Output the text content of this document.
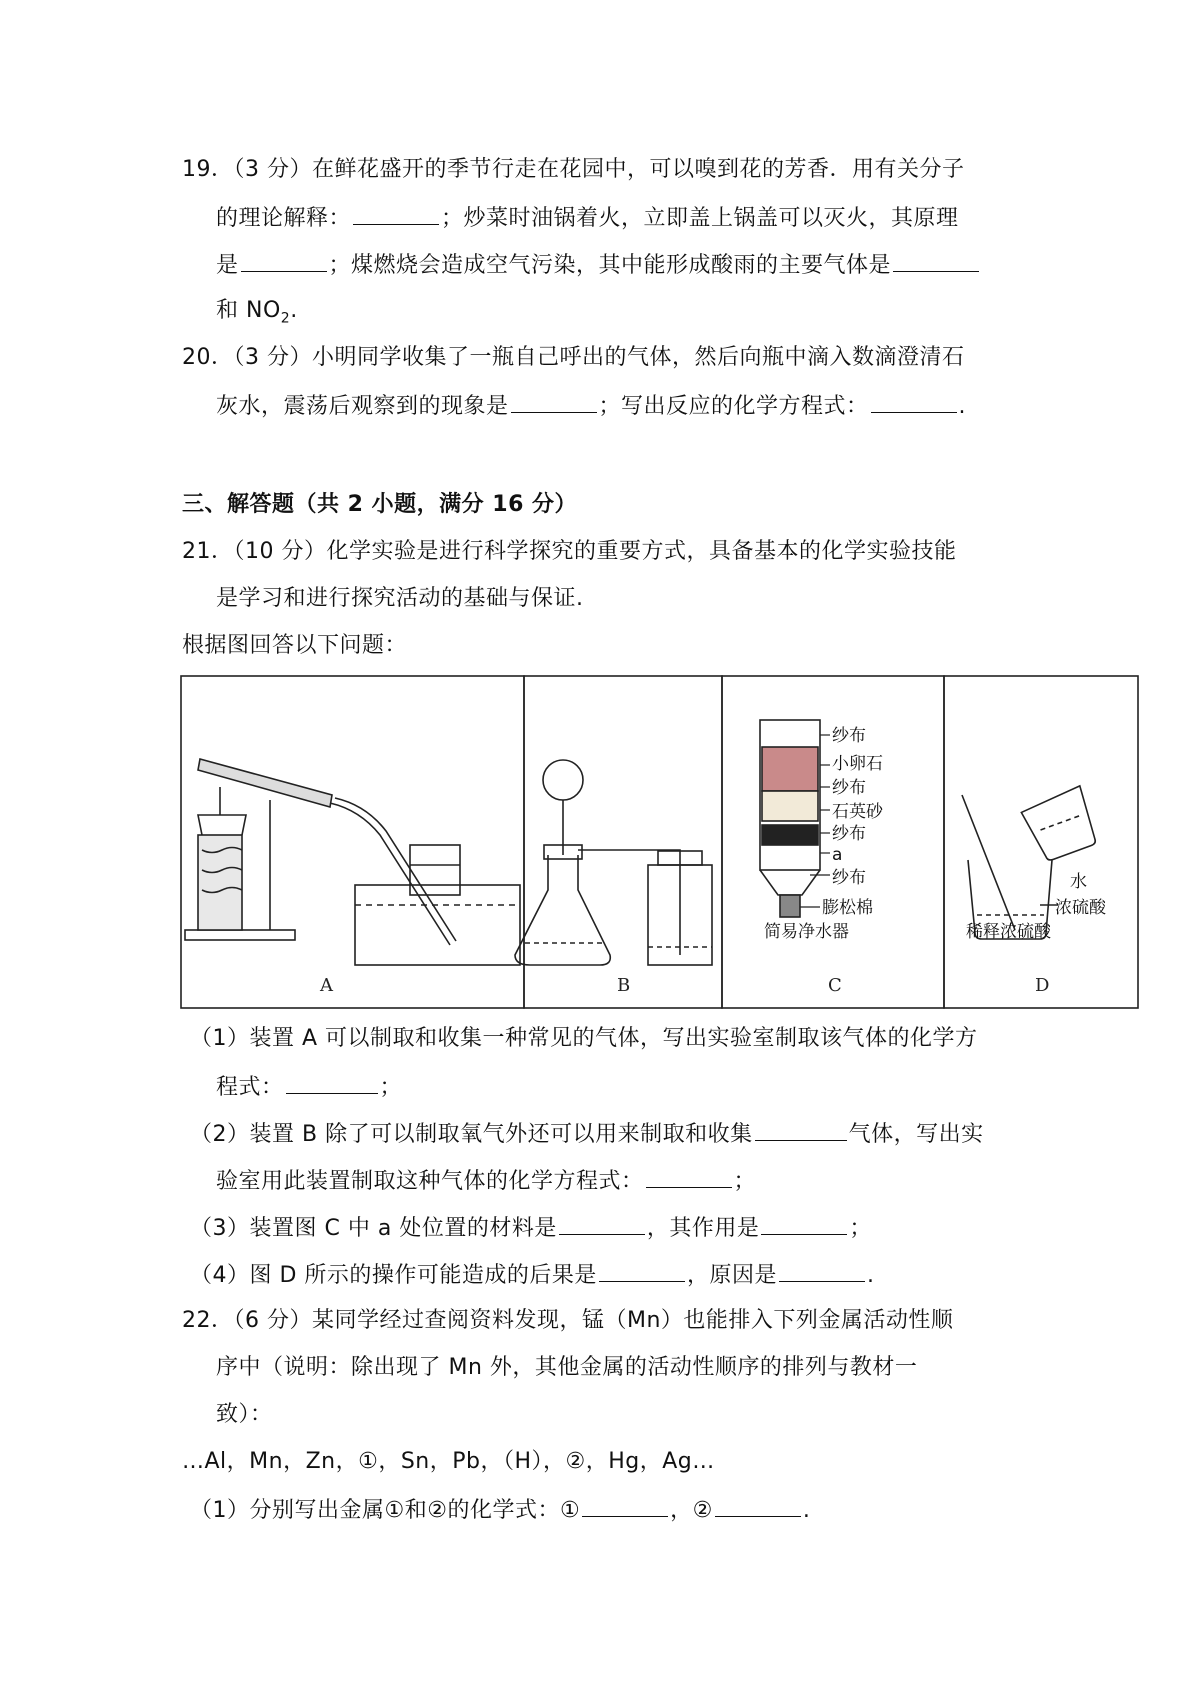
19．（3 分）在鲜花盛开的季节行走在花园中，可以嗅到花的芳香．用有关分子
的理论解释：	；炒菜时油锅着火，立即盖上锅盖可以灭火，其原理
是	；煤燃烧会造成空气污染，其中能形成酸雨的主要气体是
和 $NO_2$.
20．（3 分）小明同学收集了一瓶自己呼出的气体，然后向瓶中滴入数滴澄清石
灰水，震荡后观察到的现象是	；写出反应的化学方程式：	.
三、解答题（共 2 小题，满分 16 分）
21．（10 分）化学实验是进行科学探究的重要方式，具备基本的化学实验技能
是学习和进行探究活动的基础与保证.
根据图回答以下问题：
纱布
小卵石
纱布
石英砂
纱布
a
纱布
膨松棉
简易净水器
水
浓硫酸
稀释浓硫酸
A	B	C	D
（1）装置 A 可以制取和收集一种常见的气体，写出实验室制取该气体的化学方
程式：	；
（2）装置 B 除了可以制取氧气外还可以用来制取和收集	气体，写出实
验室用此装置制取这种气体的化学方程式：	；
（3）装置图 C 中 a 处位置的材料是	，其作用是	；
（4）图 D 所示的操作可能造成的后果是	，原因是	.
22．（6 分）某同学经过查阅资料发现，锰（Mn）也能排入下列金属活动性顺
序中（说明：除出现了 Mn 外，其他金属的活动性顺序的排列与教材一
致）：
…Al，Mn，Zn，①，Sn，Pb，（H），②，Hg，Ag…
（1）分别写出金属①和②的化学式：①	，②	.
